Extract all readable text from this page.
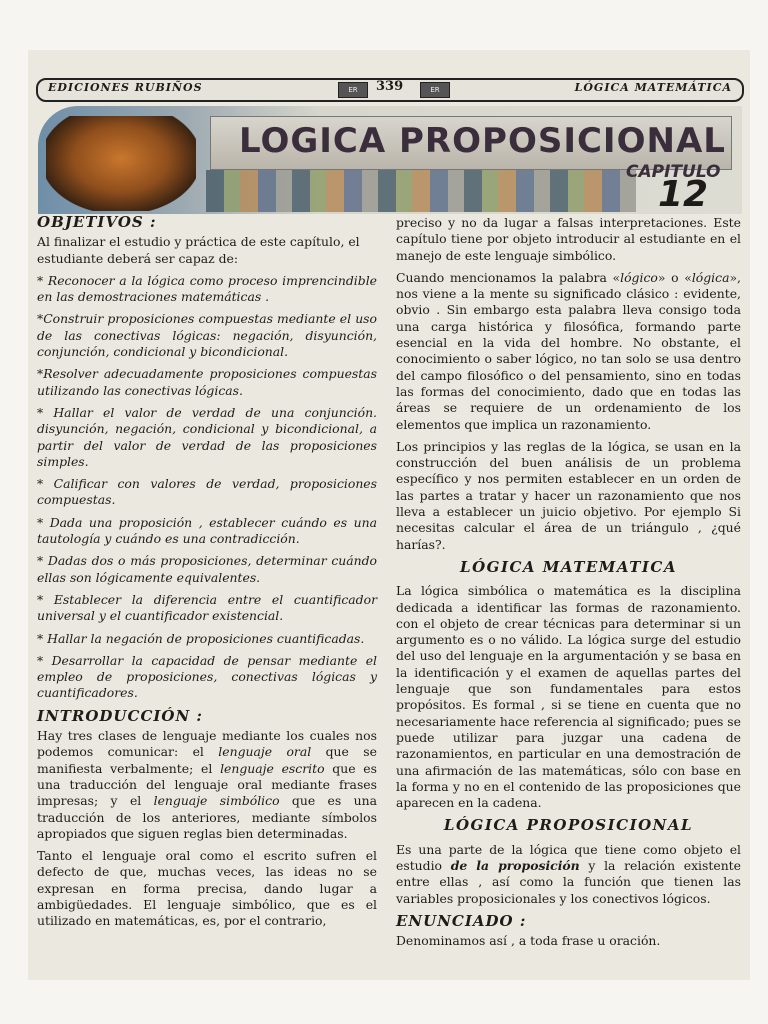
EDICIONES RUBIÑOS	ER	339	ER	LÓGICA MATEMÁTICA
LOGICA PROPOSICIONAL
CAPITULO
12
OBJETIVOS :

Al finalizar el estudio y práctica de este capítulo, el estudiante deberá ser capaz de:

* Reconocer a la lógica como proceso imprencindible en las demostraciones matemáticas .

*Construir proposiciones compuestas mediante el uso de las conectivas lógicas: negación, disyunción, conjunción, condicional y bicondicional.

*Resolver adecuadamente proposiciones compuestas utilizando las conectivas lógicas.

* Hallar el valor de verdad de una conjunción. disyunción, negación, condicional y bicondicional, a partir del valor de verdad de las proposiciones simples.

* Calificar con valores de verdad, proposiciones compuestas.

* Dada una proposición , establecer cuándo es una tautología y cuándo es una contradicción.

* Dadas dos o más proposiciones, determinar cuándo ellas son lógicamente equivalentes.

* Establecer la diferencia entre el cuantificador universal y el cuantificador existencial.

* Hallar la negación de proposiciones cuantificadas.

* Desarrollar la capacidad de pensar mediante el empleo de proposiciones, conectivas lógicas y cuantificadores.

INTRODUCCIÓN :

Hay tres clases de lenguaje mediante los cuales nos podemos comunicar: el lenguaje oral que se manifiesta verbalmente; el lenguaje escrito que es una traducción del lenguaje oral mediante frases impresas; y el lenguaje simbólico que es una traducción de los anteriores, mediante símbolos apropiados que siguen reglas bien determinadas.

Tanto el lenguaje oral como el escrito sufren el defecto de que, muchas veces, las ideas no se expresan en forma precisa, dando lugar a ambigüedades. El lenguaje simbólico, que es el utilizado en matemáticas, es, por el contrario,

preciso y no da lugar a falsas interpretaciones. Este capítulo tiene por objeto introducir al estudiante en el manejo de este lenguaje simbólico.

Cuando mencionamos la palabra «lógico» o «lógica», nos viene a la mente su significado clásico : evidente, obvio . Sin embargo esta palabra lleva consigo toda una carga histórica y filosófica, formando parte esencial en la vida del hombre. No obstante, el conocimiento o saber lógico, no tan solo se usa dentro del campo filosófico o del pensamiento, sino en todas las formas del conocimiento, dado que en todas las áreas se requiere de un ordenamiento de los elementos que implica un razonamiento.

Los principios y las reglas de la lógica, se usan en la construcción del buen análisis de un problema específico y nos permiten establecer en un orden de las partes a tratar y hacer un razonamiento que nos lleva a establecer un juicio objetivo. Por ejemplo Si necesitas calcular el área de un triángulo , ¿qué harías?.

LÓGICA MATEMATICA

La lógica simbólica o matemática es la disciplina dedicada a identificar las formas de razonamiento. con el objeto de crear técnicas para determinar si un argumento es o no válido. La lógica surge del estudio del uso del lenguaje en la argumentación y se basa en la identificación y el examen de aquellas partes del lenguaje que son fundamentales para estos propósitos. Es formal , si se tiene en cuenta que no necesariamente hace referencia al significado; pues se puede utilizar para juzgar una cadena de razonamientos, en particular en una demostración de una afirmación de las matemáticas, sólo con base en la forma y no en el contenido de las proposiciones que aparecen en la cadena.

LÓGICA PROPOSICIONAL

Es una parte de la lógica que tiene como objeto el estudio de la proposición y la relación existente entre ellas , así como la función que tienen las variables proposicionales y los conectivos lógicos.

ENUNCIADO :

Denominamos así , a toda frase u oración.
